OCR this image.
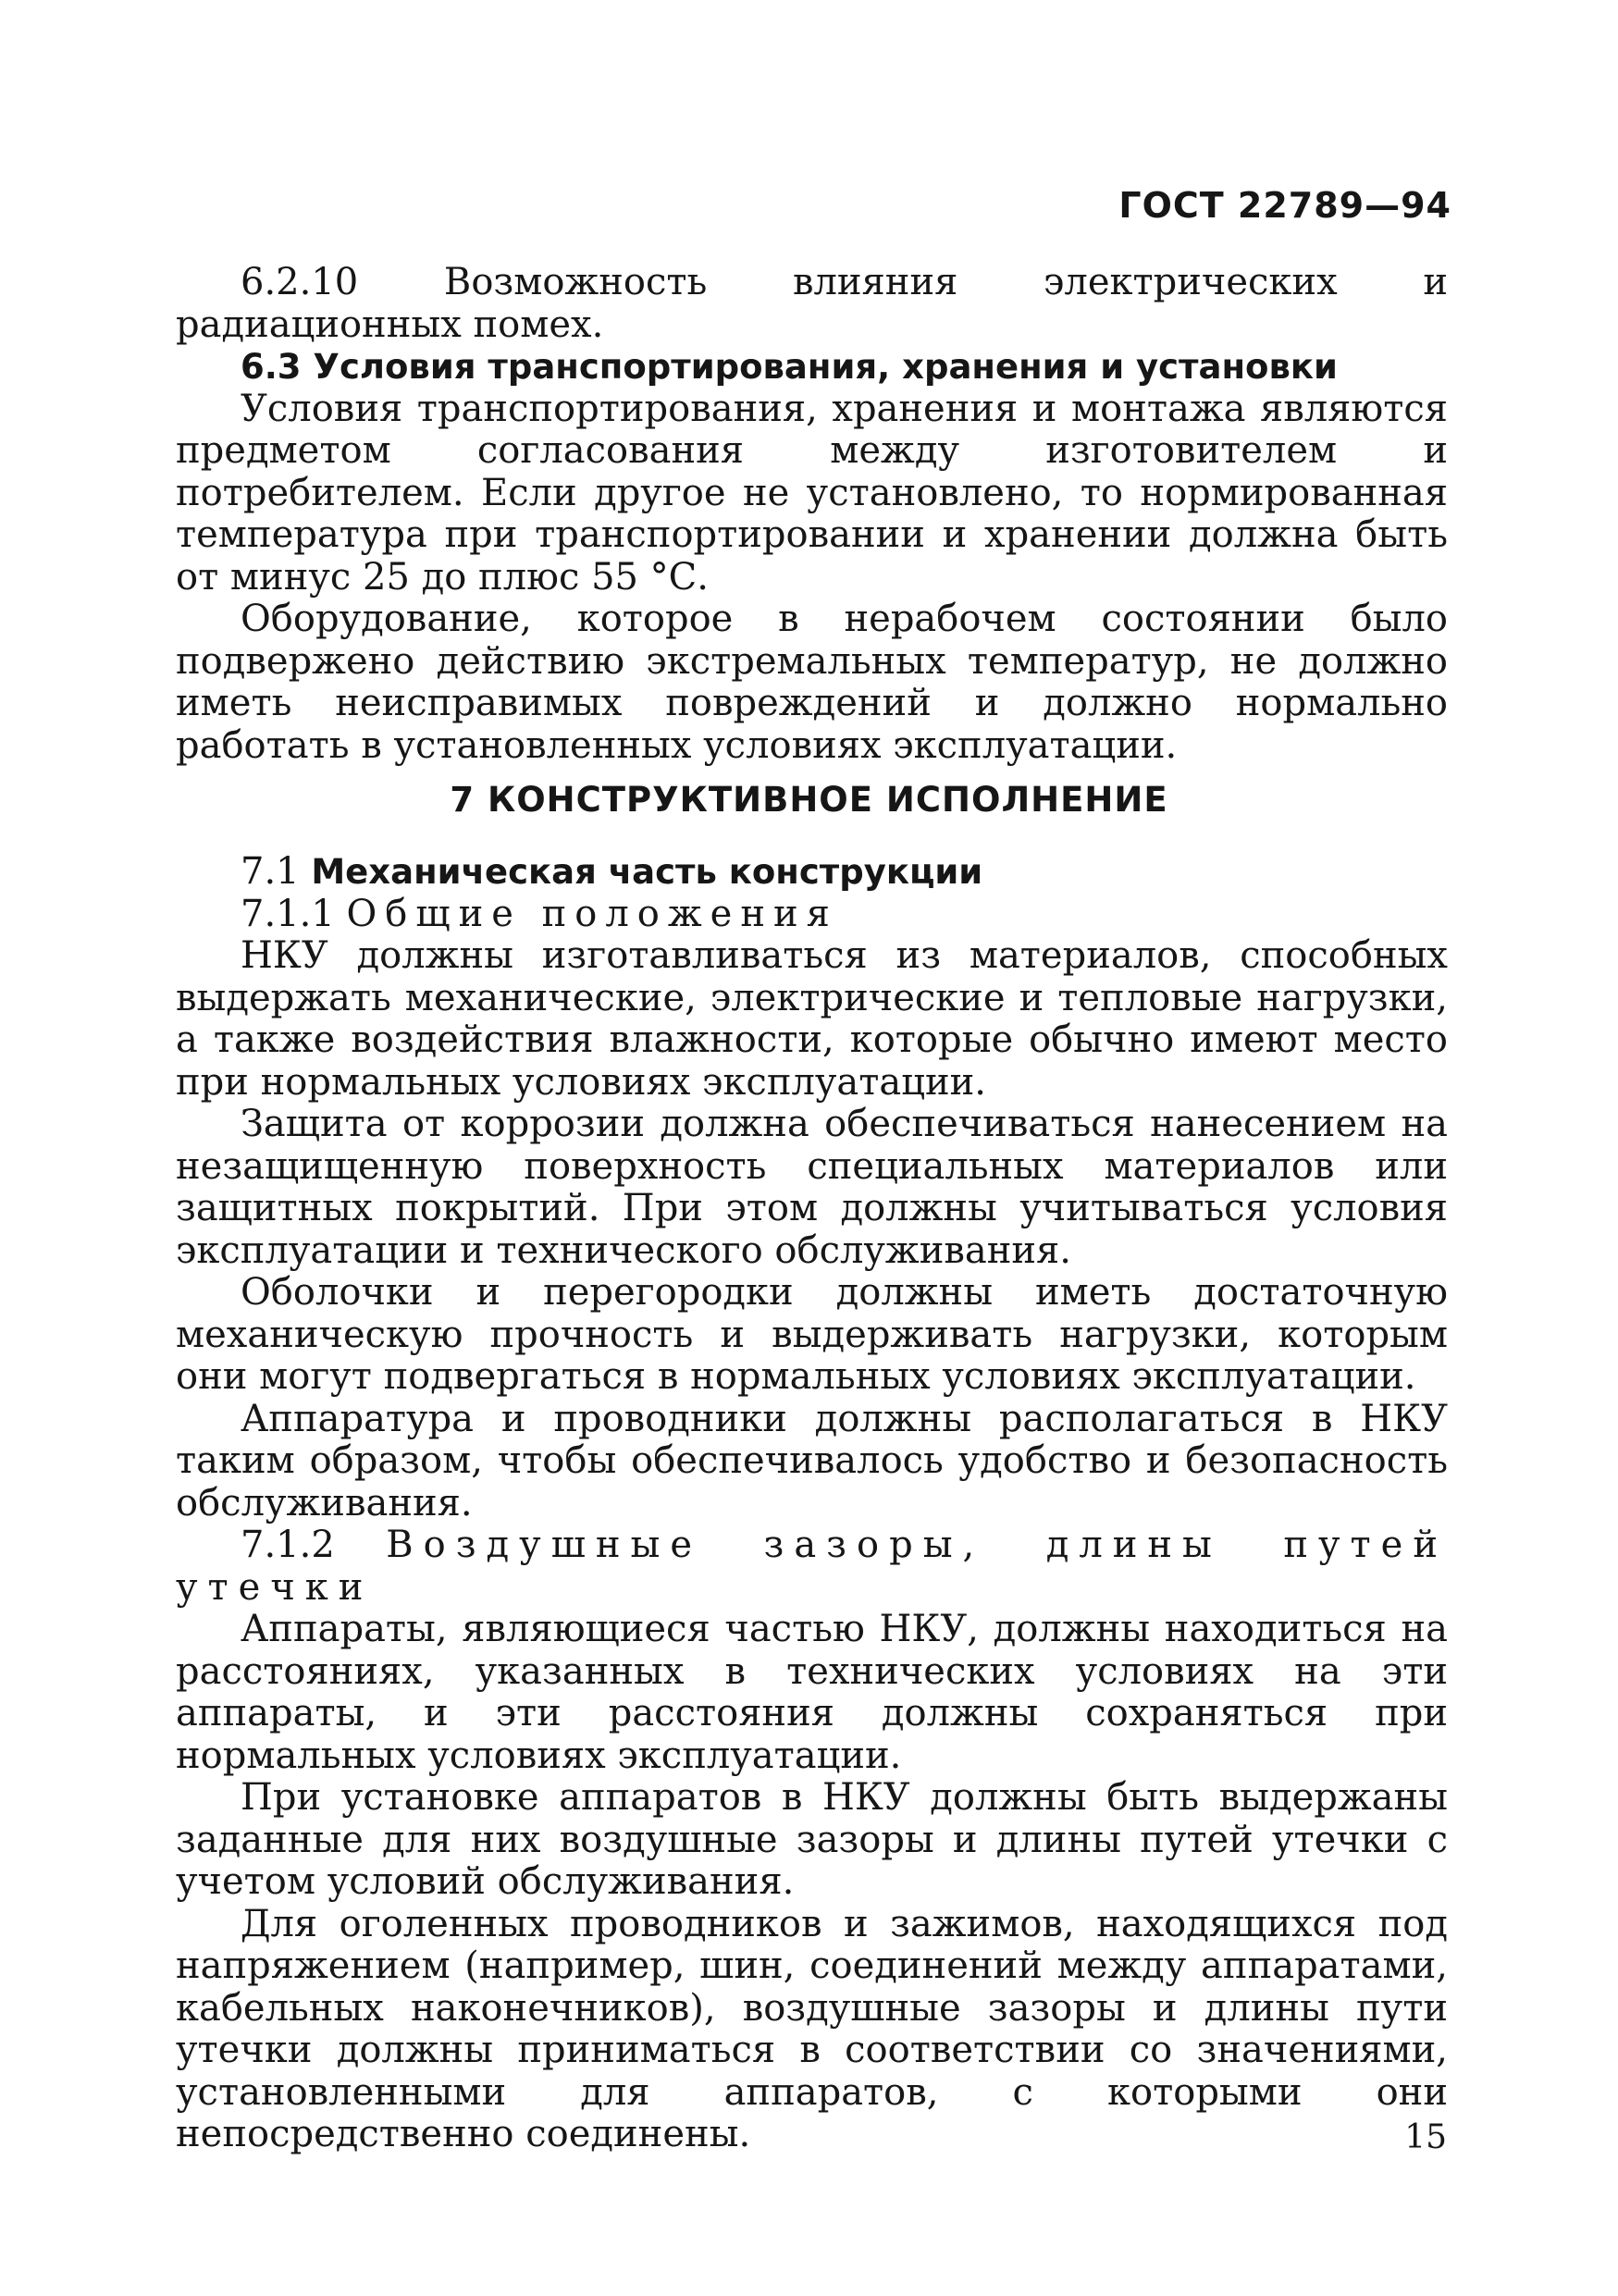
ГОСТ 22789—94

6.2.10 Возможность влияния электрических и радиационных помех.

6.3 Условия транспортирования, хранения и установки

Условия транспортирования, хранения и монтажа являются предметом согласования между изготовителем и потребителем. Если другое не установлено, то нормированная температура при транспортировании и хранении должна быть от минус 25 до плюс 55 °С.

Оборудование, которое в нерабочем состоянии было подвержено действию экстремальных температур, не должно иметь неисправимых повреждений и должно нормально работать в установленных условиях эксплуатации.

7 КОНСТРУКТИВНОЕ ИСПОЛНЕНИЕ

7.1 Механическая часть конструкции

7.1.1 Общие положения

НКУ должны изготавливаться из материалов, способных выдержать механические, электрические и тепловые нагрузки, а также воздействия влажности, которые обычно имеют место при нормальных условиях эксплуатации.

Защита от коррозии должна обеспечиваться нанесением на незащищенную поверхность специальных материалов или защитных покрытий. При этом должны учитываться условия эксплуатации и технического обслуживания.

Оболочки и перегородки должны иметь достаточную механическую прочность и выдерживать нагрузки, которым они могут подвергаться в нормальных условиях эксплуатации.

Аппаратура и проводники должны располагаться в НКУ таким образом, чтобы обеспечивалось удобство и безопасность обслуживания.

7.1.2 Воздушные зазоры, длины путей утечки

Аппараты, являющиеся частью НКУ, должны находиться на расстояниях, указанных в технических условиях на эти аппараты, и эти расстояния должны сохраняться при нормальных условиях эксплуатации.

При установке аппаратов в НКУ должны быть выдержаны заданные для них воздушные зазоры и длины путей утечки с учетом условий обслуживания.

Для оголенных проводников и зажимов, находящихся под напряжением (например, шин, соединений между аппаратами, кабельных наконечников), воздушные зазоры и длины пути утечки должны приниматься в соответствии со значениями, установленными для аппаратов, с которыми они непосредственно соединены.	15
